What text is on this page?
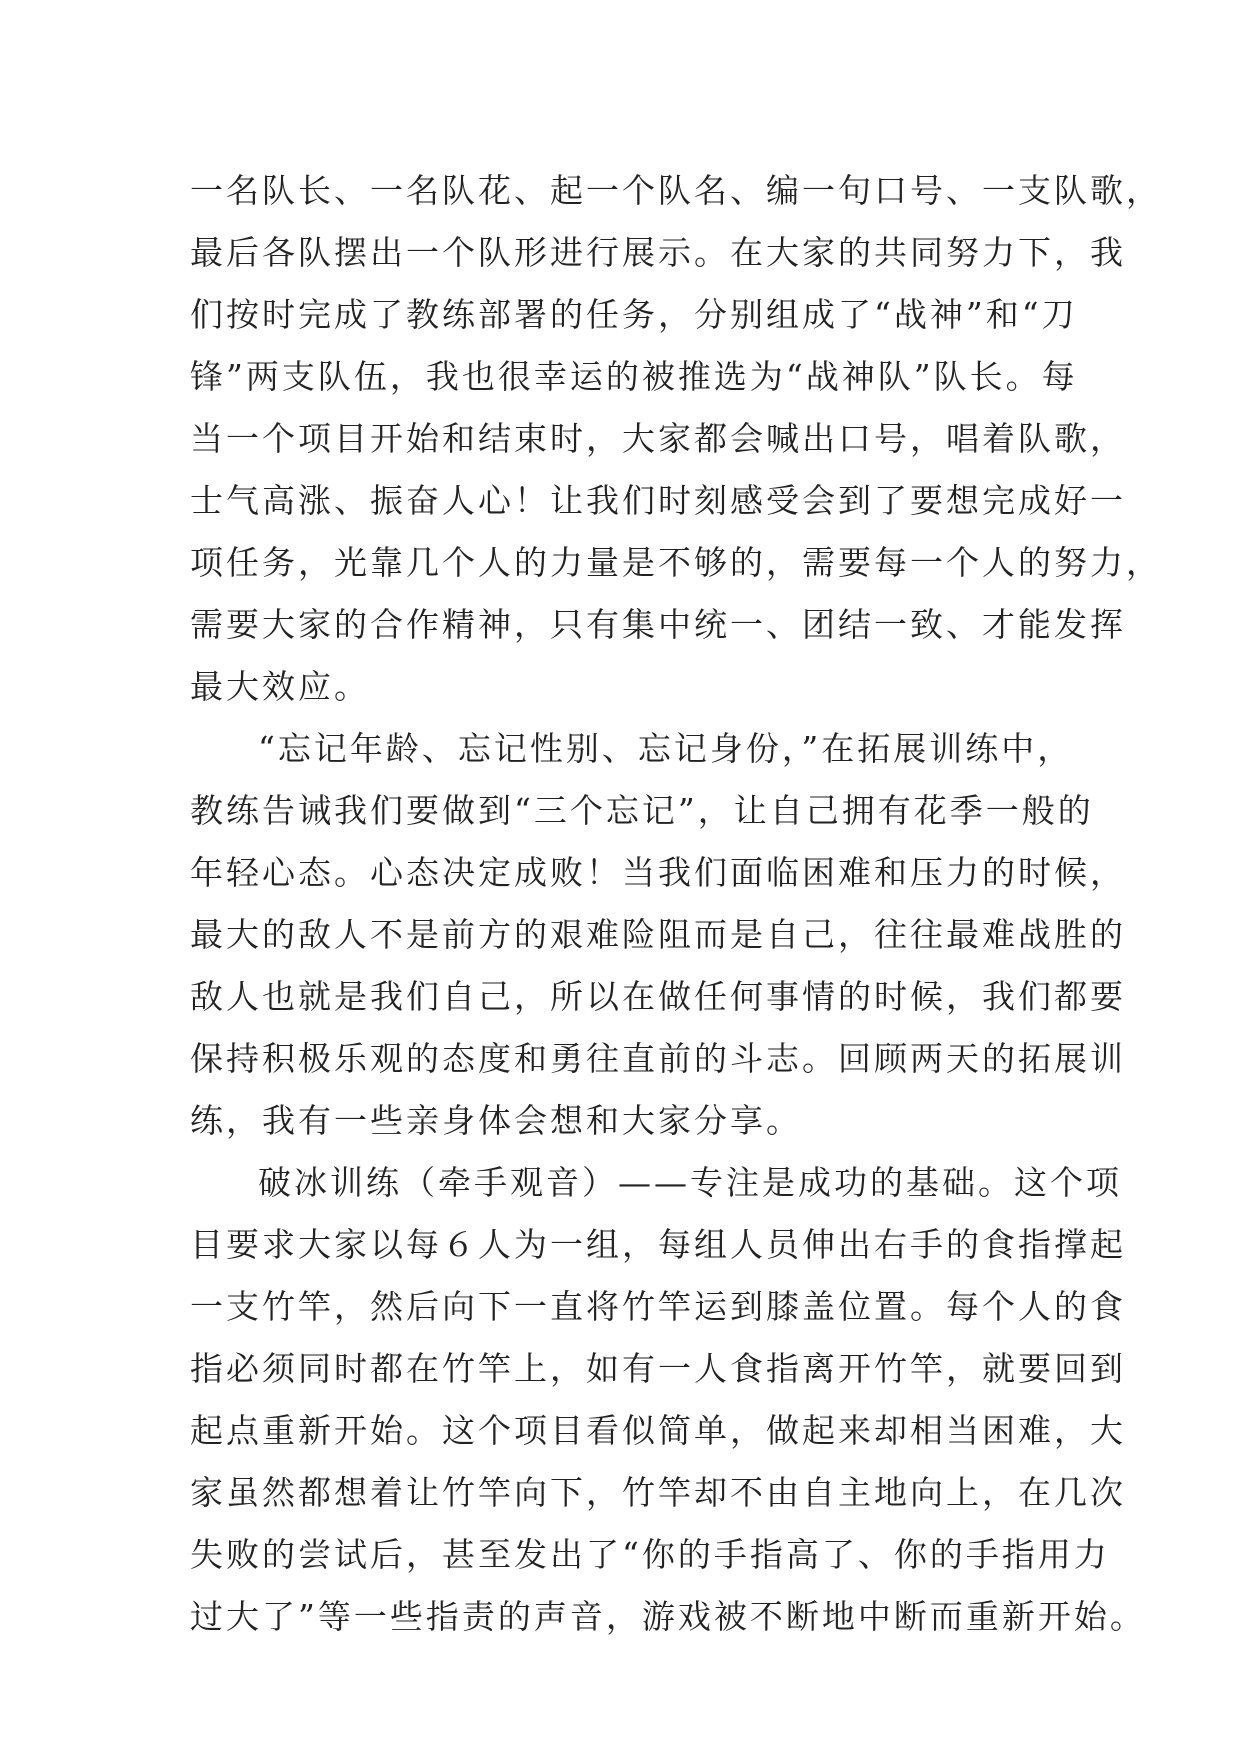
一名队长、一名队花、起一个队名、编一句口号、一支队歌，
最后各队摆出一个队形进行展示。在大家的共同努力下，我
们按时完成了教练部署的任务，分别组成了“战神”和“刀
锋”两支队伍，我也很幸运的被推选为“战神队”队长。每
当一个项目开始和结束时，大家都会喊出口号，唱着队歌，
士气高涨、振奋人心！让我们时刻感受会到了要想完成好一
项任务，光靠几个人的力量是不够的，需要每一个人的努力，
需要大家的合作精神，只有集中统一、团结一致、才能发挥
最大效应。
“忘记年龄、忘记性别、忘记身份，”在拓展训练中，
教练告诫我们要做到“三个忘记”，让自己拥有花季一般的
年轻心态。心态决定成败！当我们面临困难和压力的时候，
最大的敌人不是前方的艰难险阻而是自己，往往最难战胜的
敌人也就是我们自己，所以在做任何事情的时候，我们都要
保持积极乐观的态度和勇往直前的斗志。回顾两天的拓展训
练，我有一些亲身体会想和大家分享。
破冰训练（牵手观音）——专注是成功的基础。这个项
目要求大家以每６人为一组，每组人员伸出右手的食指撑起
一支竹竿，然后向下一直将竹竿运到膝盖位置。每个人的食
指必须同时都在竹竿上，如有一人食指离开竹竿，就要回到
起点重新开始。这个项目看似简单，做起来却相当困难，大
家虽然都想着让竹竿向下，竹竿却不由自主地向上，在几次
失败的尝试后，甚至发出了“你的手指高了、你的手指用力
过大了”等一些指责的声音，游戏被不断地中断而重新开始。
